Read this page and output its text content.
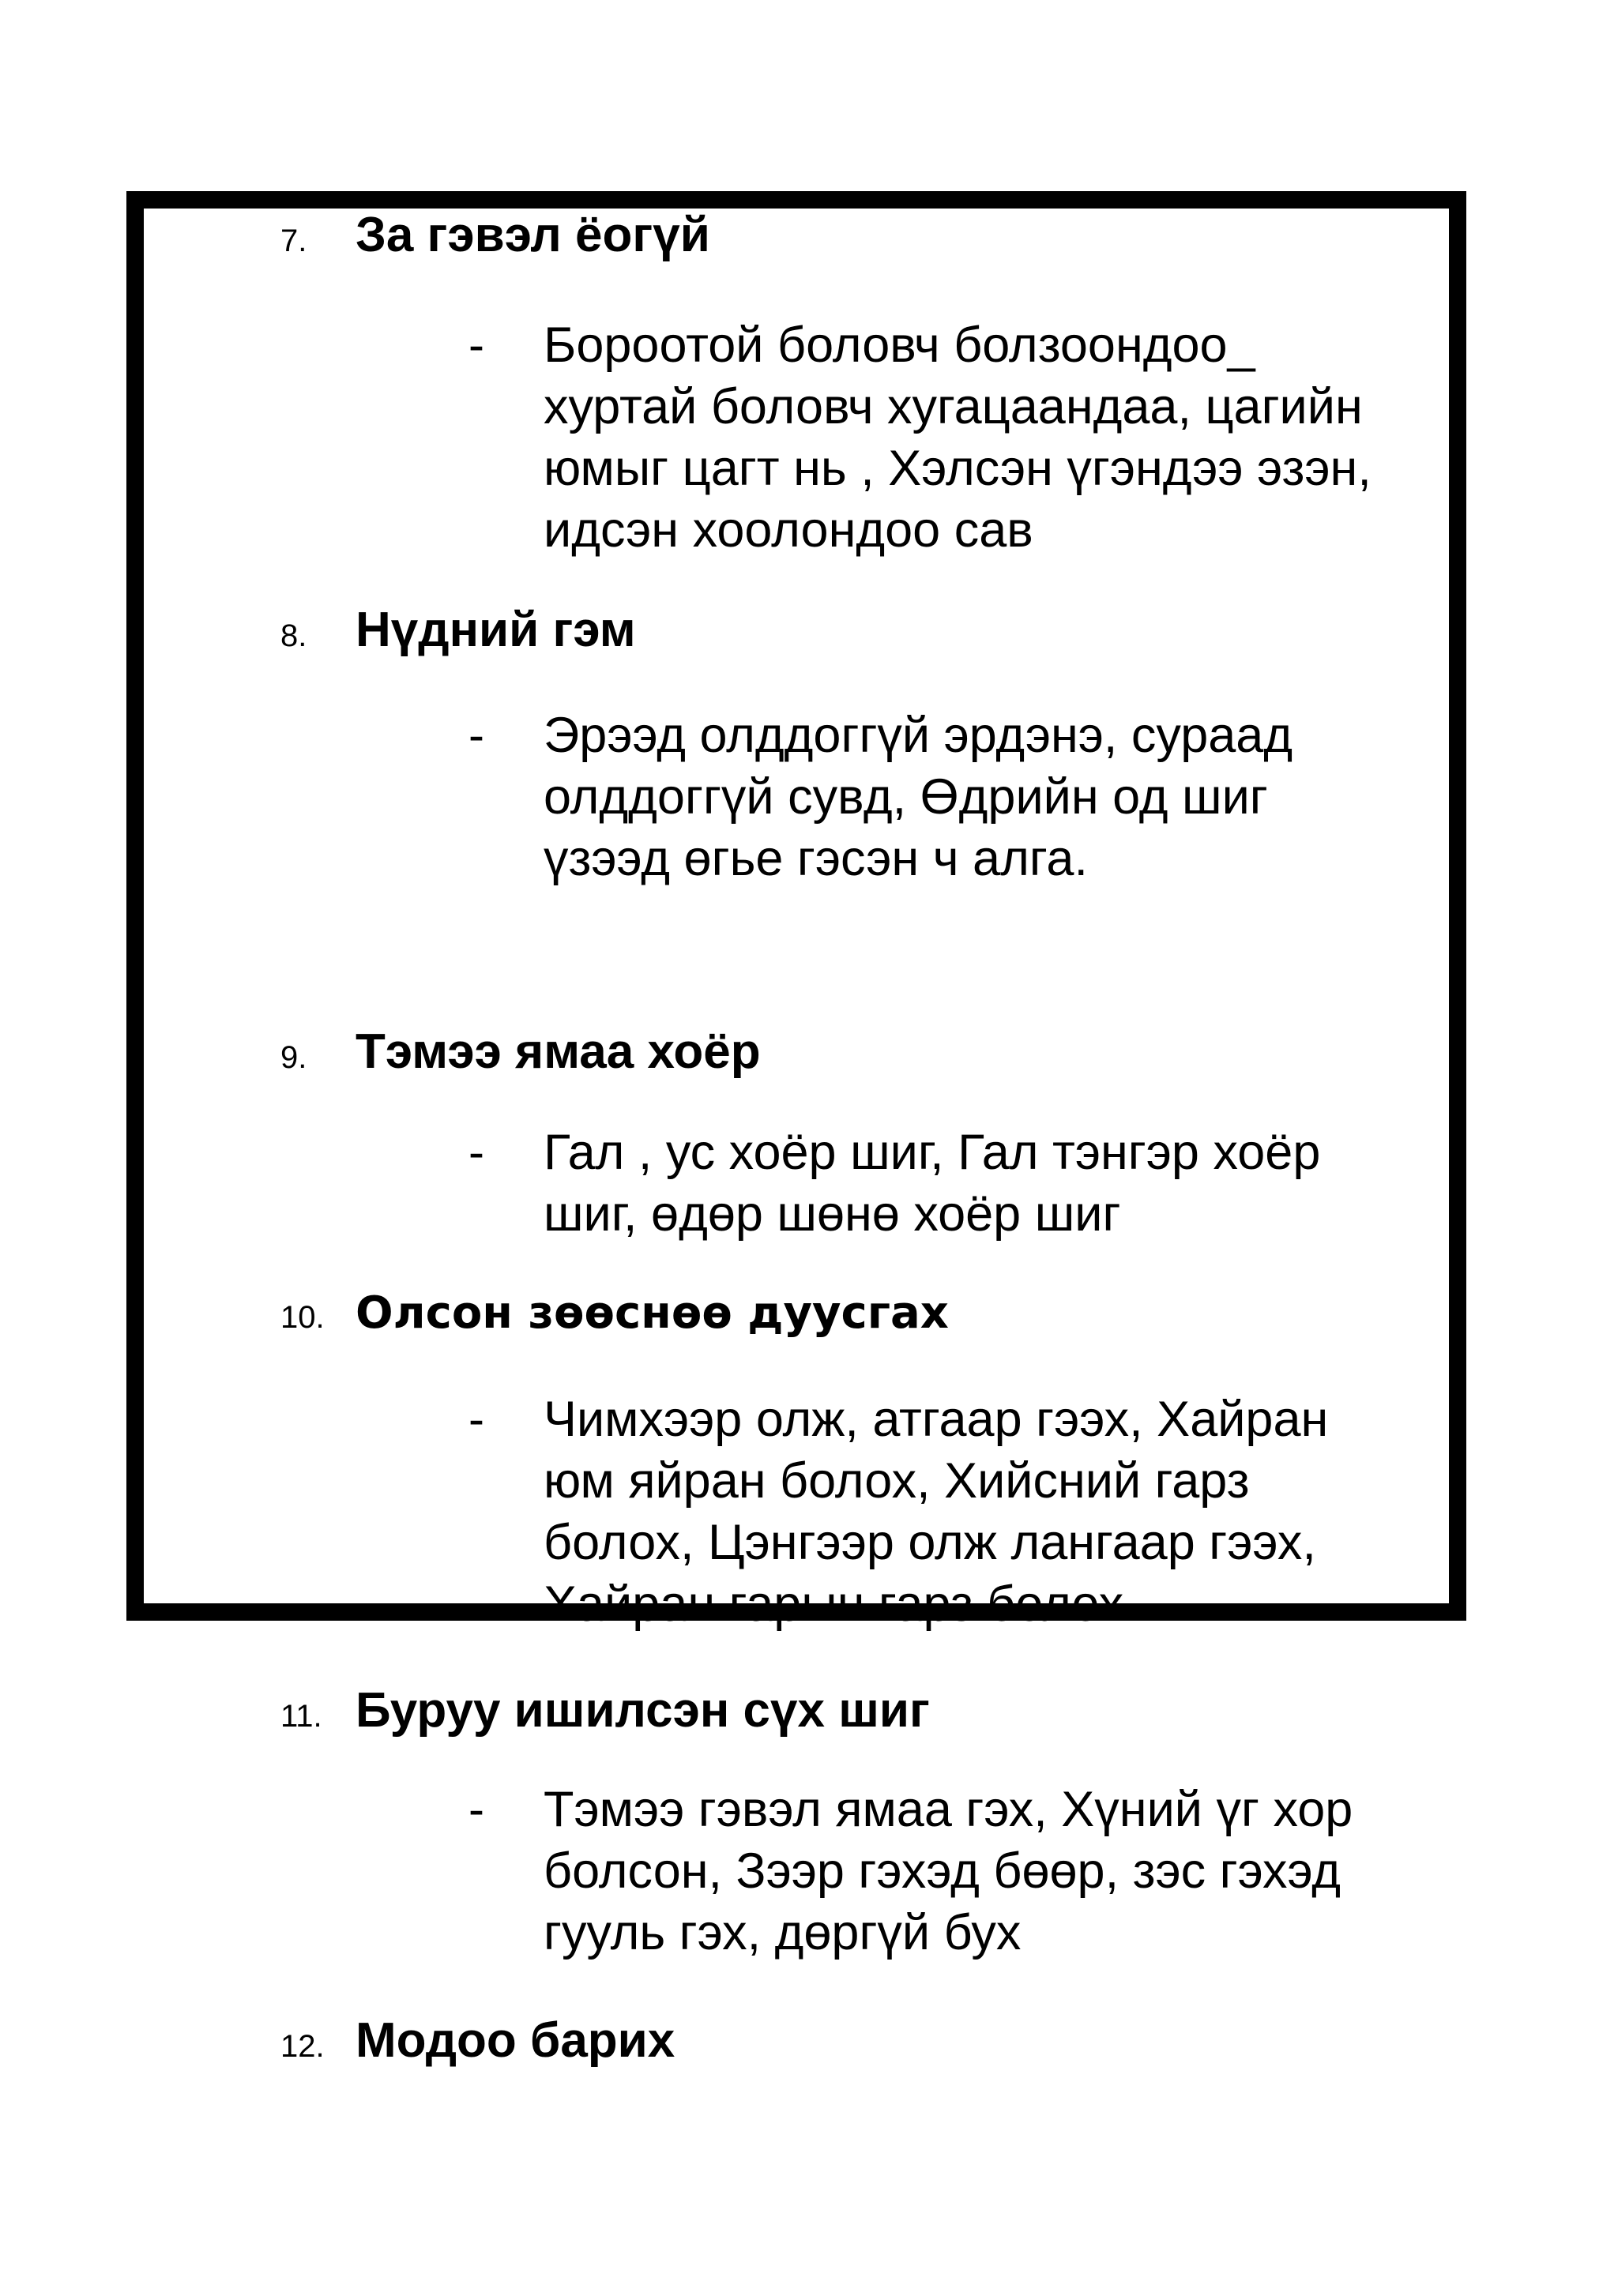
7. За гэвэл ёогүй
- Бороотой боловч болзоондоо_
хуртай боловч хугацаандаа, цагийн
юмыг цагт нь , Хэлсэн үгэндээ эзэн,
идсэн хоолондоо сав
8. Нүдний гэм
- Эрээд олддоггүй эрдэнэ, сураад
олддоггүй сувд, Өдрийн од шиг
үзээд өгье гэсэн ч алга.
9. Тэмээ ямаа хоёр
- Гал , ус хоёр шиг, Гал тэнгэр хоёр
шиг, өдөр шөнө хоёр шиг
10. Олсон зөөснөө дуусгах
- Чимхээр олж, атгаар гээх, Хайран
юм яйран болох, Хийсний гарз
болох, Цэнгээр олж лангаар гээх,
Хайран гарын гарз болох
11. Буруу ишилсэн сүх шиг
- Тэмээ гэвэл ямаа гэх, Хүний үг хор
болсон, Зээр гэхэд бөөр, зэс гэхэд
гууль гэх, дөргүй бух
12. Модоо барих
